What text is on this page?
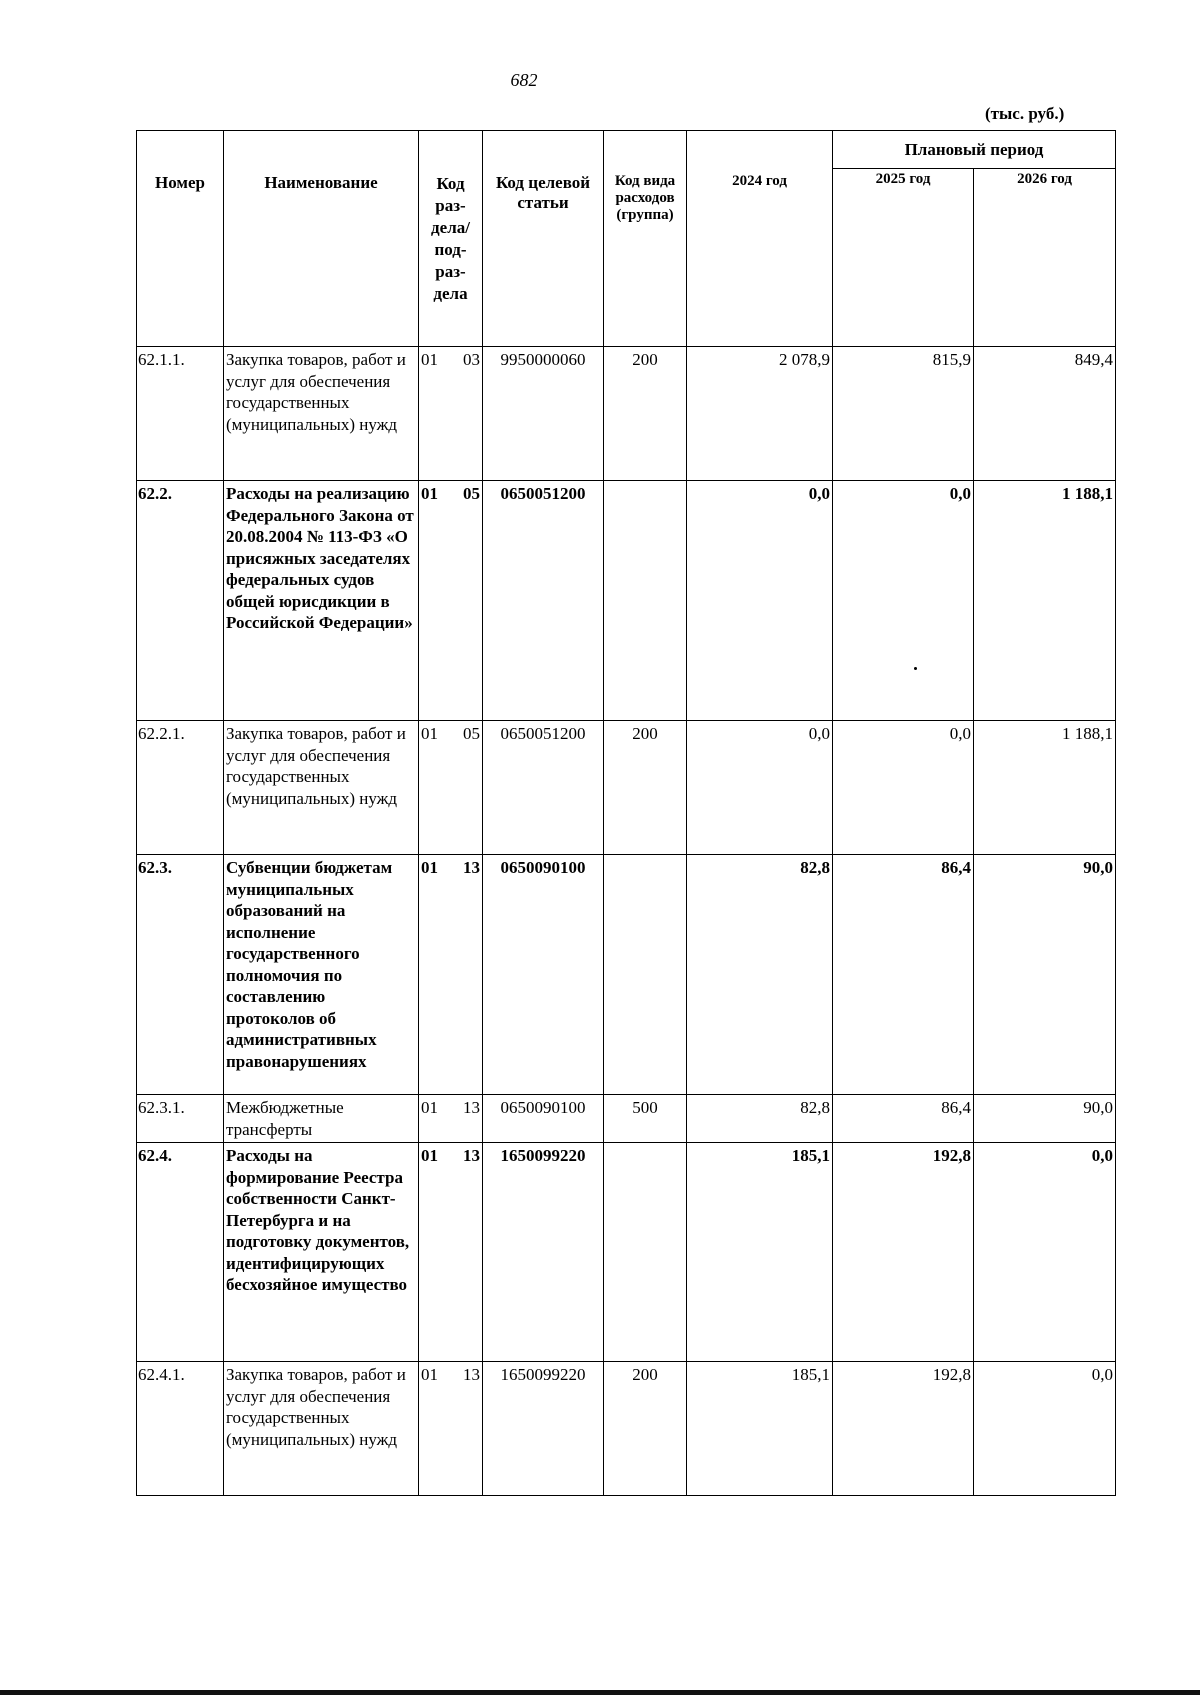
682
(тыс. руб.)
Номер	Наименование	Код раз-дела/ под-раз-дела	Код целевой статьи	Код вида расходов (группа)	2024 год	Плановый период	
						2025 год	2026 год
62.1.1.	Закупка товаров, работ и услуг для обеспечения государственных (муниципальных) нужд	01 03	9950000060	200	2 078,9	815,9	849,4
62.2.	Расходы на реализацию Федерального Закона от 20.08.2004 № 113-ФЗ «О присяжных заседателях федеральных судов общей юрисдикции в Российской Федерации»	01 05	0650051200		0,0	0,0	1 188,1
62.2.1.	Закупка товаров, работ и услуг для обеспечения государственных (муниципальных) нужд	01 05	0650051200	200	0,0	0,0	1 188,1
62.3.	Субвенции бюджетам муниципальных образований на исполнение государственного полномочия по составлению протоколов об административных правонарушениях	01 13	0650090100		82,8	86,4	90,0
62.3.1.	Межбюджетные трансферты	01 13	0650090100	500	82,8	86,4	90,0
62.4.	Расходы на формирование Реестра собственности Санкт-Петербурга и на подготовку документов, идентифицирующих бесхозяйное имущество	01 13	1650099220		185,1	192,8	0,0
62.4.1.	Закупка товаров, работ и услуг для обеспечения государственных (муниципальных) нужд	01 13	1650099220	200	185,1	192,8	0,0
